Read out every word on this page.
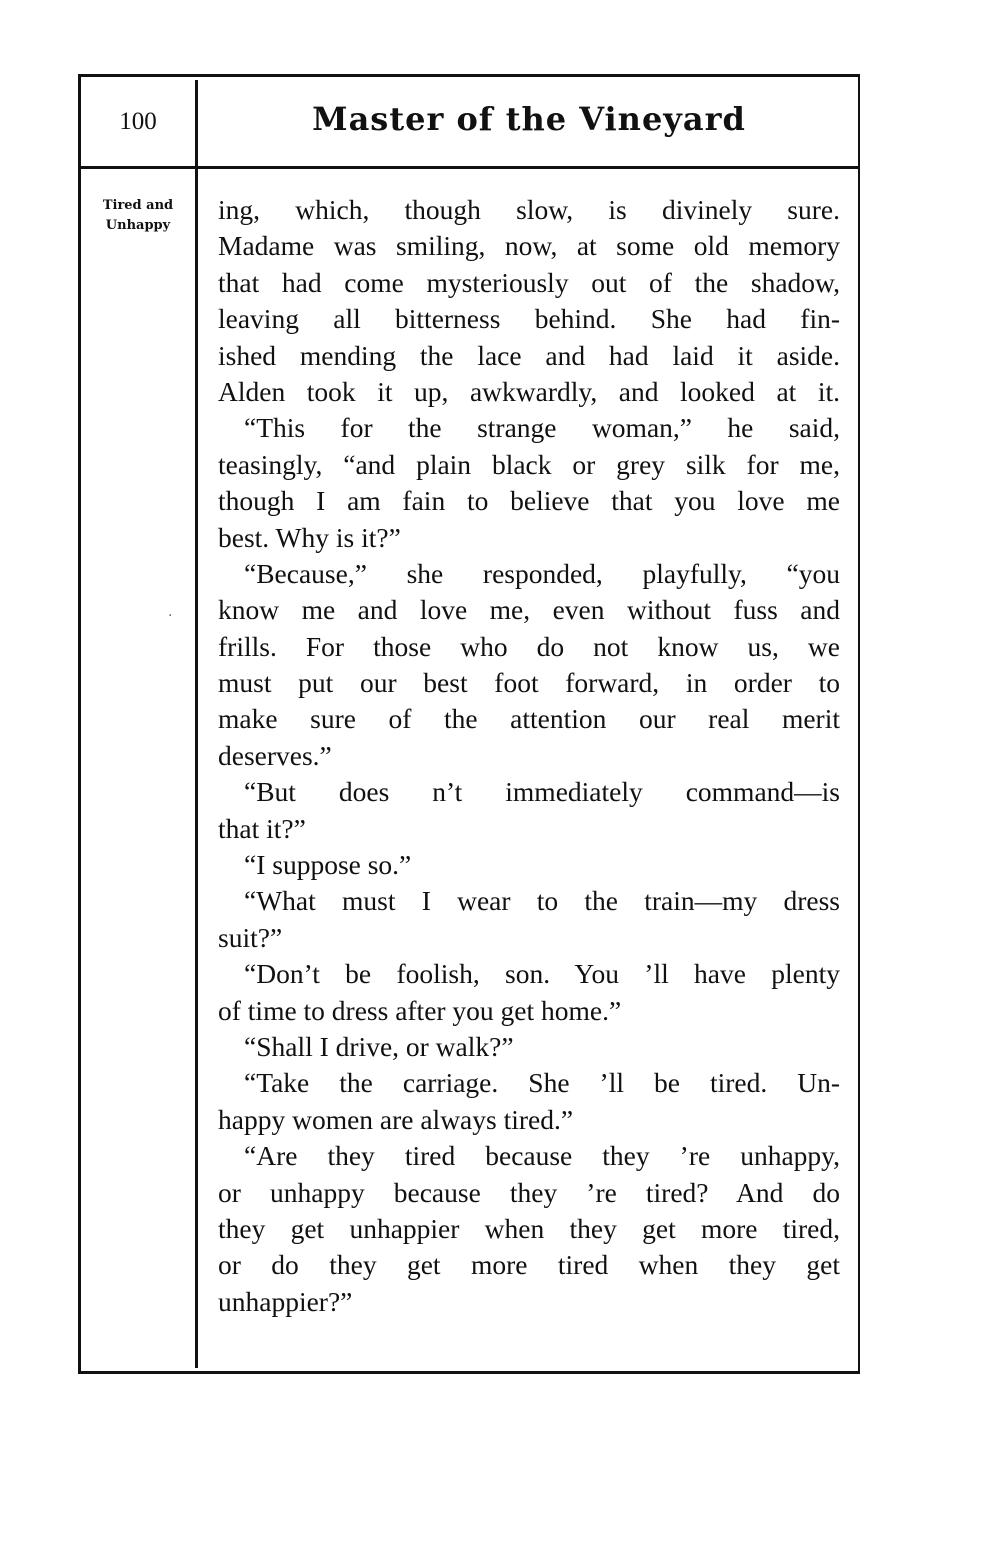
100	Master of the Vineyard
Tired and
Unhappy
·
ing, which, though slow, is divinely sure.
Madame was smiling, now, at some old memory
that had come mysteriously out of the shadow,
leaving all bitterness behind. She had fin-
ished mending the lace and had laid it aside.
Alden took it up, awkwardly, and looked at it.
“This for the strange woman,” he said,
teasingly, “and plain black or grey silk for me,
though I am fain to believe that you love me
best. Why is it?”
“Because,” she responded, playfully, “you
know me and love me, even without fuss and
frills. For those who do not know us, we
must put our best foot forward, in order to
make sure of the attention our real merit
deserves.”
“But does n’t immediately command—is
that it?”
“I suppose so.”
“What must I wear to the train—my dress
suit?”
“Don’t be foolish, son. You ’ll have plenty
of time to dress after you get home.”
“Shall I drive, or walk?”
“Take the carriage. She ’ll be tired. Un-
happy women are always tired.”
“Are they tired because they ’re unhappy,
or unhappy because they ’re tired? And do
they get unhappier when they get more tired,
or do they get more tired when they get
unhappier?”
